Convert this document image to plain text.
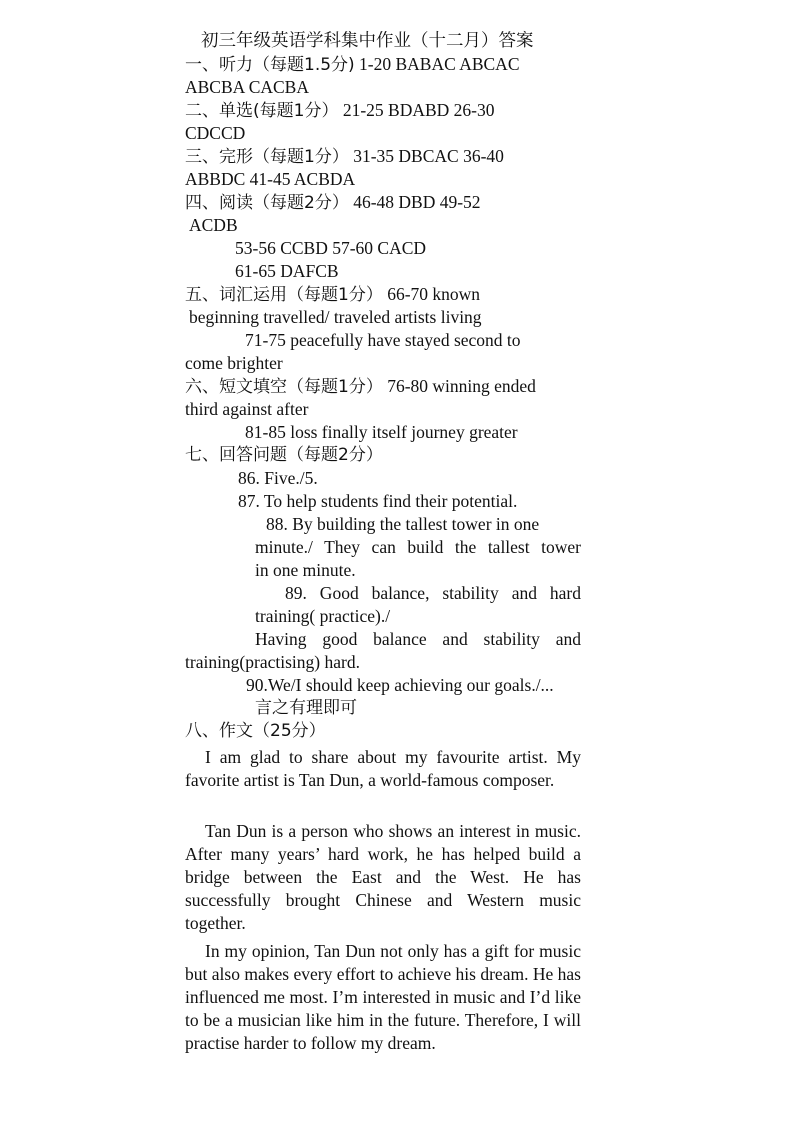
初三年级英语学科集中作业（十二月）答案
一、听力（每题1.5分) 1-20 BABAC ABCAC
ABCBA CACBA
二、单选(每题1分） 21-25 BDABD 26-30
CDCCD
三、完形（每题1分） 31-35 DBCAC 36-40
ABBDC 41-45 ACBDA
四、阅读（每题2分） 46-48 DBD 49-52
ACDB
53-56 CCBD 57-60 CACD
61-65 DAFCB
五、词汇运用（每题1分） 66-70 known
beginning travelled/ traveled artists living
71-75 peacefully have stayed second to
come brighter
六、短文填空（每题1分） 76-80 winning ended
third against after
81-85 loss finally itself journey greater
七、回答问题（每题2分）
86. Five./5.
87. To help students find their potential.
88. By building the tallest tower in one
minute./ They can build the tallest tower
in one minute.
89. Good balance, stability and hard
training( practice)./
Having good balance and stability and
training(practising) hard.
90.We/I should keep achieving our goals./...
言之有理即可
八、作文（25分）
I am glad to share about my favourite artist. My favorite artist is Tan Dun, a world-famous composer.
Tan Dun is a person who shows an interest in music. After many years’ hard work, he has helped build a bridge between the East and the West. He has successfully brought Chinese and Western music together.
In my opinion, Tan Dun not only has a gift for music but also makes every effort to achieve his dream. He has influenced me most. I’m interested in music and I’d like to be a musician like him in the future. Therefore, I will practise harder to follow my dream.
